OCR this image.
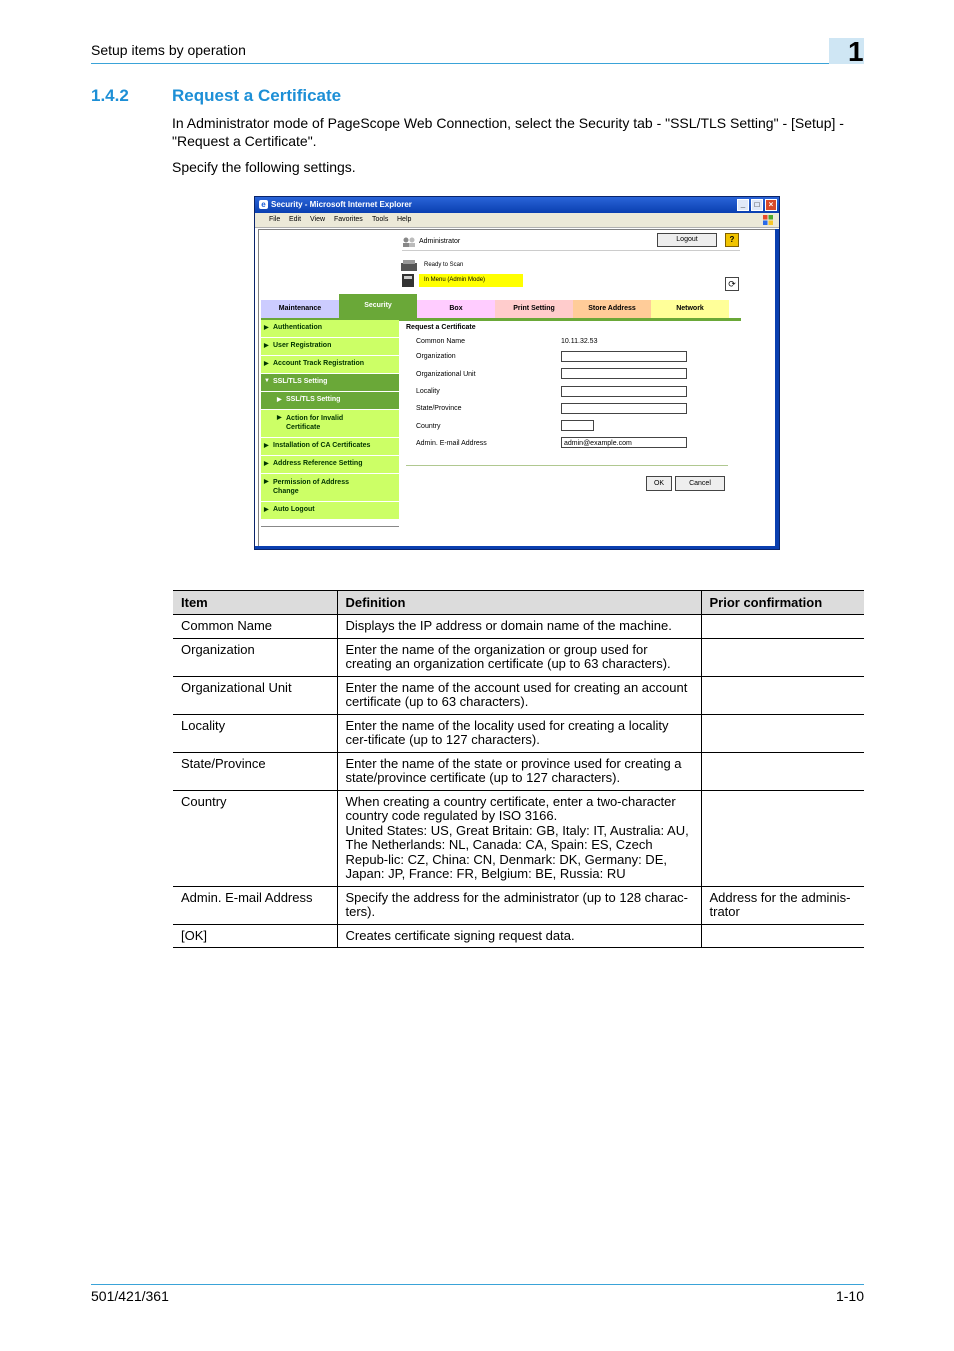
Setup items by operation	1
1.4.2	Request a Certificate
In Administrator mode of PageScope Web Connection, select the Security tab - "SSL/TLS Setting" - [Setup] - "Request a Certificate".
Specify the following settings.
e Security - Microsoft Internet Explorer	_	□	×
File Edit View Favorites Tools Help
Administrator	Logout	?
Ready to Scan
In Menu (Admin Mode)	⟳
Maintenance	Security	Box	Print Setting	Store Address	Network
▶ Authentication
▶ User Registration
▶ Account Track Registration
▼ SSL/TLS Setting
▶ SSL/TLS Setting
▶ Action for Invalid Certificate
▶ Installation of CA Certificates
▶ Address Reference Setting
▶ Permission of Address Change
▶ Auto Logout
Request a Certificate
Common Name	10.11.32.53
Organization
Organizational Unit
Locality
State/Province
Country
Admin. E-mail Address	admin@example.com
OK	Cancel
Item	Definition	Prior confirmation
Common Name	Displays the IP address or domain name of the machine.	
Organization	Enter the name of the organization or group used for creating an organization certificate (up to 63 characters).	
Organizational Unit	Enter the name of the account used for creating an account certificate (up to 63 characters).	
Locality	Enter the name of the locality used for creating a locality cer-tificate (up to 127 characters).	
State/Province	Enter the name of the state or province used for creating a state/province certificate (up to 127 characters).	
Country	When creating a country certificate, enter a two-character country code regulated by ISO 3166.
United States: US, Great Britain: GB, Italy: IT, Australia: AU, The Netherlands: NL, Canada: CA, Spain: ES, Czech Repub-lic: CZ, China: CN, Denmark: DK, Germany: DE, Japan: JP, France: FR, Belgium: BE, Russia: RU	
Admin. E-mail Address	Specify the address for the administrator (up to 128 charac-ters).	Address for the adminis-trator
[OK]	Creates certificate signing request data.	
501/421/361	1-10
